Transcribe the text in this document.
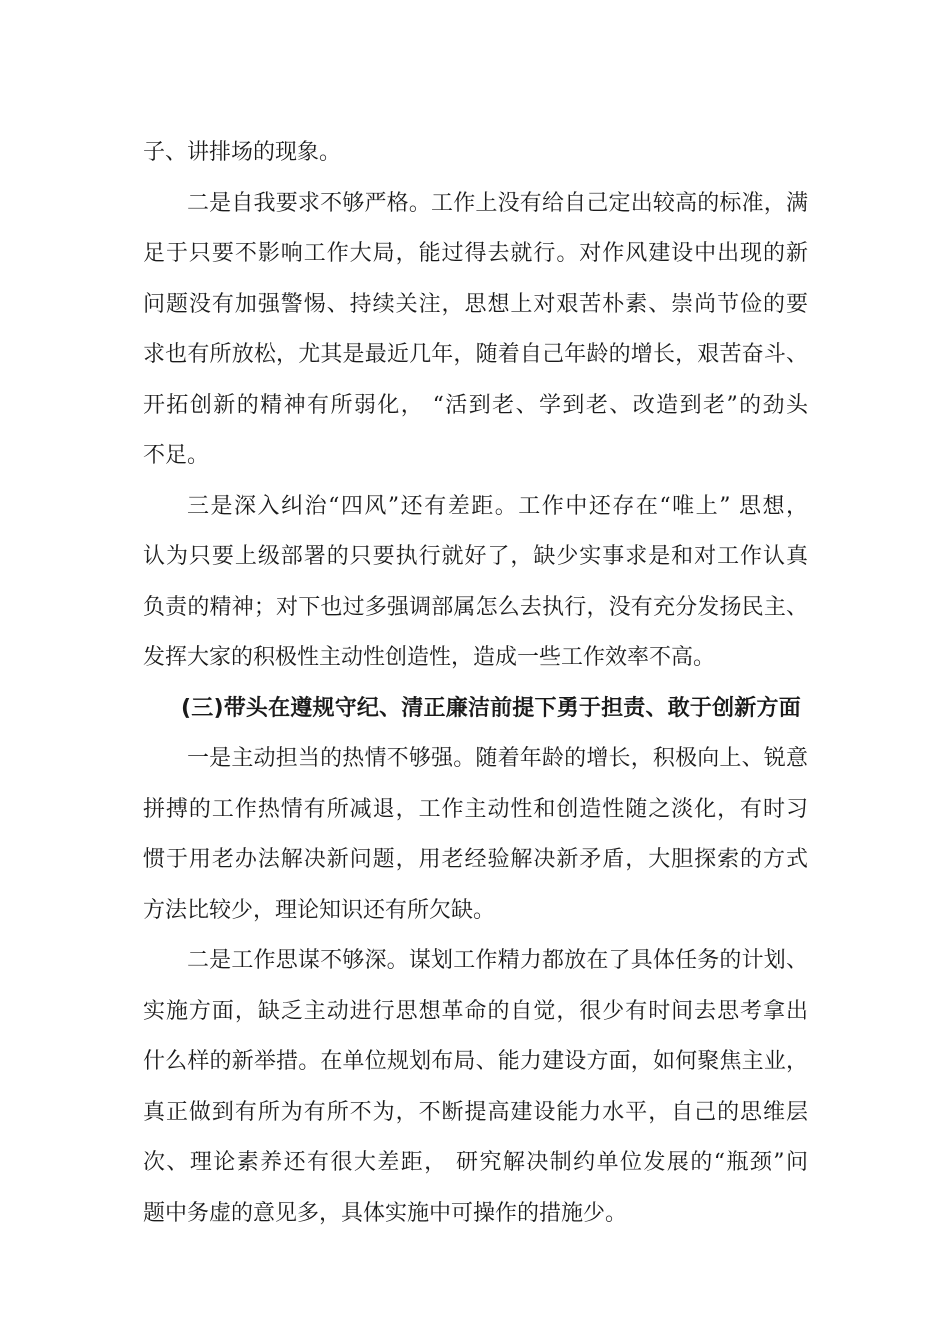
子、讲排场的现象。

二是自我要求不够严格。工作上没有给自己定出较高的标准，满

足于只要不影响工作大局，能过得去就行。对作风建设中出现的新

问题没有加强警惕、持续关注，思想上对艰苦朴素、崇尚节俭的要

求也有所放松，尤其是最近几年，随着自己年龄的增长，艰苦奋斗、

开拓创新的精神有所弱化， “活到老、学到老、改造到老”的劲头

不足。

三是深入纠治“四风”还有差距。工作中还存在“唯上” 思想，

认为只要上级部署的只要执行就好了，缺少实事求是和对工作认真

负责的精神；对下也过多强调部属怎么去执行，没有充分发扬民主、

发挥大家的积极性主动性创造性，造成一些工作效率不高。

(三)带头在遵规守纪、清正廉洁前提下勇于担责、敢于创新方面

一是主动担当的热情不够强。随着年龄的增长，积极向上、锐意

拼搏的工作热情有所减退，工作主动性和创造性随之淡化，有时习

惯于用老办法解决新问题，用老经验解决新矛盾，大胆探索的方式

方法比较少，理论知识还有所欠缺。

二是工作思谋不够深。谋划工作精力都放在了具体任务的计划、

实施方面，缺乏主动进行思想革命的自觉，很少有时间去思考拿出

什么样的新举措。在单位规划布局、能力建设方面，如何聚焦主业，

真正做到有所为有所不为，不断提高建设能力水平，自己的思维层

次、理论素养还有很大差距， 研究解决制约单位发展的“瓶颈”问

题中务虚的意见多，具体实施中可操作的措施少。
